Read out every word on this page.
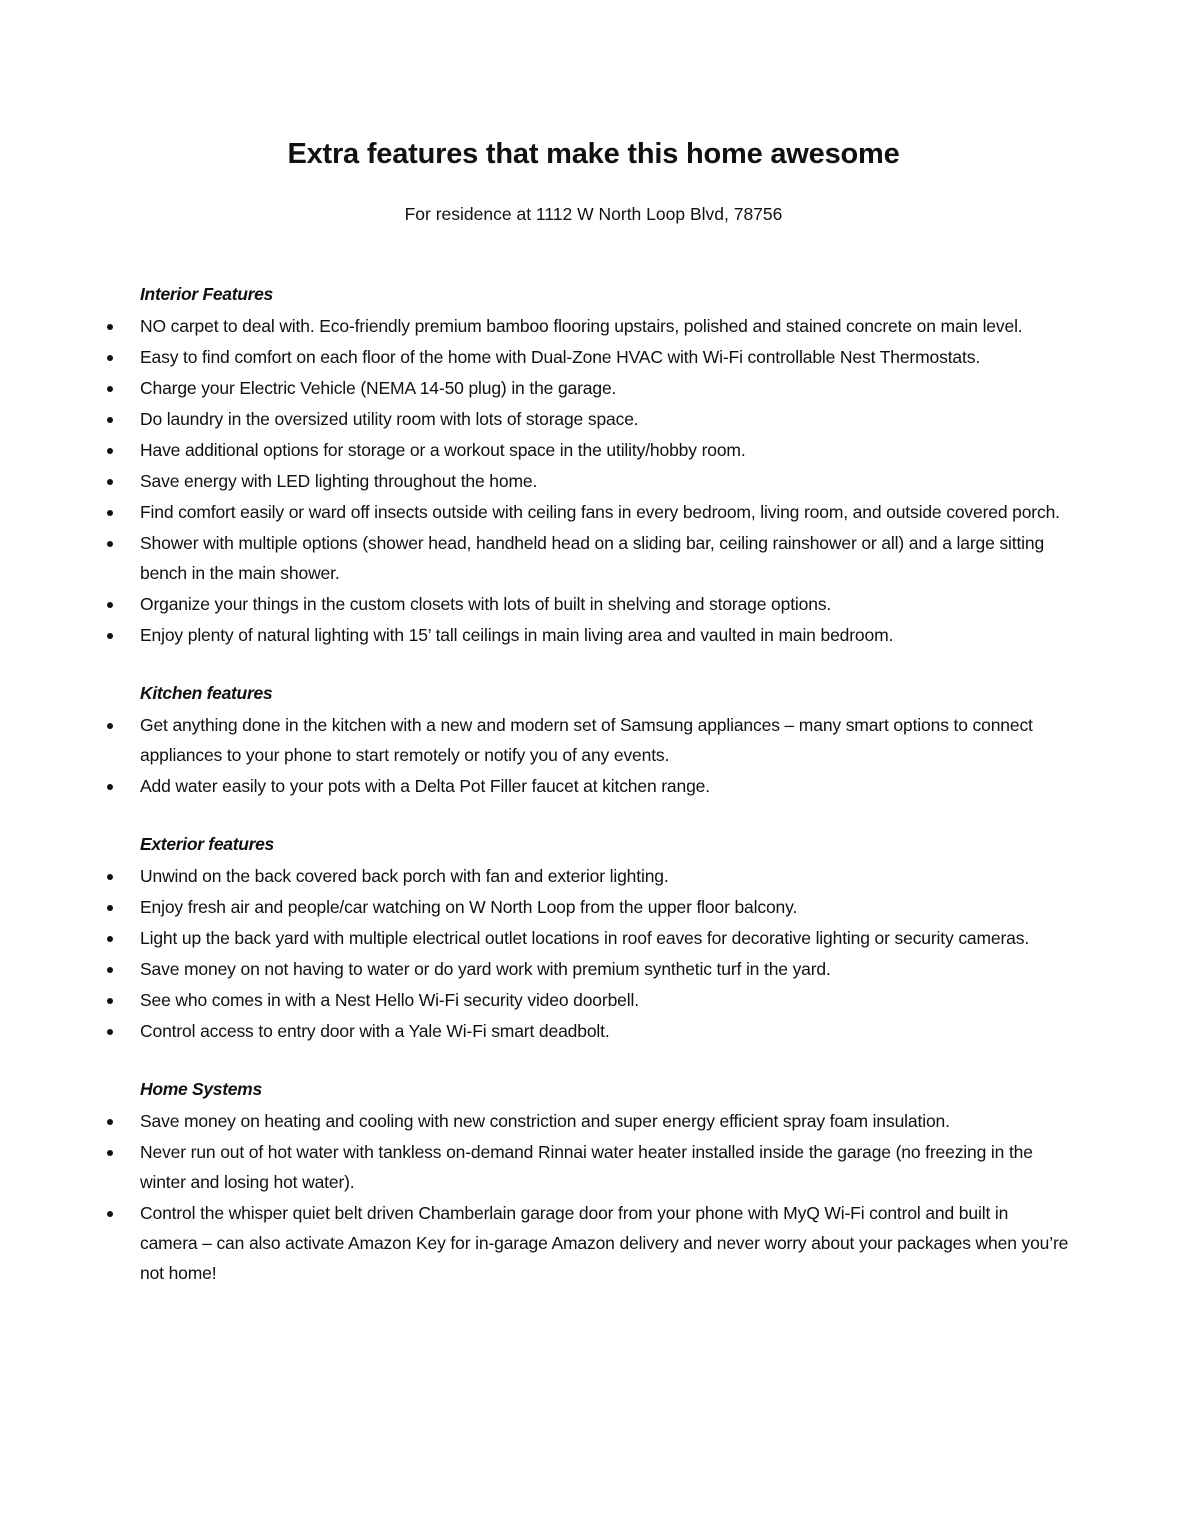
Extra features that make this home awesome

For residence at 1112 W North Loop Blvd, 78756

Interior Features
NO carpet to deal with. Eco-friendly premium bamboo flooring upstairs, polished and stained concrete on main level.
Easy to find comfort on each floor of the home with Dual-Zone HVAC with Wi-Fi controllable Nest Thermostats.
Charge your Electric Vehicle (NEMA 14-50 plug) in the garage.
Do laundry in the oversized utility room with lots of storage space.
Have additional options for storage or a workout space in the utility/hobby room.
Save energy with LED lighting throughout the home.
Find comfort easily or ward off insects outside with ceiling fans in every bedroom, living room, and outside covered porch.
Shower with multiple options (shower head, handheld head on a sliding bar, ceiling rainshower or all) and a large sitting bench in the main shower.
Organize your things in the custom closets with lots of built in shelving and storage options.
Enjoy plenty of natural lighting with 15’ tall ceilings in main living area and vaulted in main bedroom.
Kitchen features
Get anything done in the kitchen with a new and modern set of Samsung appliances – many smart options to connect appliances to your phone to start remotely or notify you of any events.
Add water easily to your pots with a Delta Pot Filler faucet at kitchen range.
Exterior features
Unwind on the back covered back porch with fan and exterior lighting.
Enjoy fresh air and people/car watching on W North Loop from the upper floor balcony.
Light up the back yard with multiple electrical outlet locations in roof eaves for decorative lighting or security cameras.
Save money on not having to water or do yard work with premium synthetic turf in the yard.
See who comes in with a Nest Hello Wi-Fi security video doorbell.
Control access to entry door with a Yale Wi-Fi smart deadbolt.
Home Systems
Save money on heating and cooling with new constriction and super energy efficient spray foam insulation.
Never run out of hot water with tankless on-demand Rinnai water heater installed inside the garage (no freezing in the winter and losing hot water).
Control the whisper quiet belt driven Chamberlain garage door from your phone with MyQ Wi-Fi control and built in camera – can also activate Amazon Key for in-garage Amazon delivery and never worry about your packages when you’re not home!
